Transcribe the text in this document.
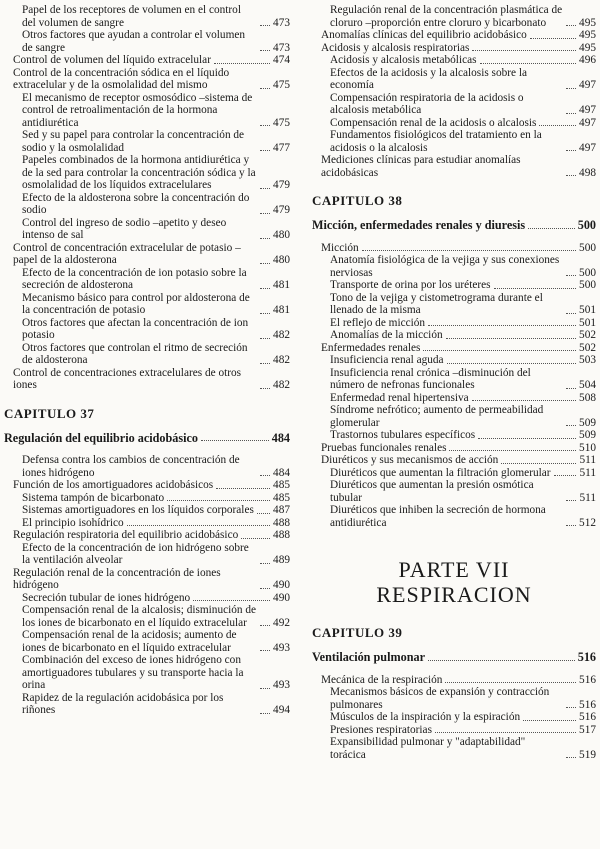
Papel de los receptores de volumen en el control del volumen de sangre	473
Otros factores que ayudan a controlar el volumen de sangre	473
Control de volumen del líquido extracelular	474
Control de la concentración sódica en el líquido extracelular y de la osmolalidad del mismo	475
El mecanismo de receptor osmosódico –sistema de control de retroalimentación de la hormona antidiurética	475
Sed y su papel para controlar la concentración de sodio y la osmolalidad	477
Papeles combinados de la hormona antidiurética y de la sed para controlar la concentración sódica y la osmolalidad de los líquidos extracelulares	479
Efecto de la aldosterona sobre la concentración do sodio	479
Control del ingreso de sodio –apetito y deseo intenso de sal	480
Control de concentración extracelular de potasio –papel de la aldosterona	480
Efecto de la concentración de ion potasio sobre la secreción de aldosterona	481
Mecanismo básico para control por aldosterona de la concentración de potasio	481
Otros factores que afectan la concentración de ion potasio	482
Otros factores que controlan el ritmo de secreción de aldosterona	482
Control de concentraciones extracelulares de otros iones	482
CAPITULO 37
Regulación del equilibrio acidobásico	484
Defensa contra los cambios de concentración de iones hidrógeno	484
Función de los amortiguadores acidobásicos	485
Sistema tampón de bicarbonato	485
Sistemas amortiguadores en los líquidos corporales 487
El principio isohídrico	488
Regulación respiratoria del equilibrio acidobásico	488
Efecto de la concentración de ion hidrógeno sobre la ventilación alveolar	489
Regulación renal de la concentración de iones hidrógeno	490
Secreción tubular de iones hidrógeno	490
Compensación renal de la alcalosis; disminución de los iones de bicarbonato en el líquido extracelular	492
Compensación renal de la acidosis; aumento de iones de bicarbonato en el líquido extracelular	493
Combinación del exceso de iones hidrógeno con amortiguadores tubulares y su transporte hacia la orina	493
Rapidez de la regulación acidobásica por los riñones	494
Regulación renal de la concentración plasmática de cloruro –proporción entre cloruro y bicarbonato	495
Anomalías clínicas del equilibrio acidobásico	495
Acidosis y alcalosis respiratorias	495
Acidosis y alcalosis metabólicas	496
Efectos de la acidosis y la alcalosis sobre la economía	497
Compensación respiratoria de la acidosis o alcalosis metabólica	497
Compensación renal de la acidosis o alcalosis	497
Fundamentos fisiológicos del tratamiento en la acidosis o la alcalosis	497
Mediciones clínicas para estudiar anomalías acidobásicas	498
CAPITULO 38
Micción, enfermedades renales y diuresis	500
Micción	500
Anatomía fisiológica de la vejiga y sus conexiones nerviosas	500
Transporte de orina por los uréteres	500
Tono de la vejiga y cistometrograma durante el llenado de la misma	501
El reflejo de micción	501
Anomalías de la micción	502
Enfermedades renales	502
Insuficiencia renal aguda	503
Insuficiencia renal crónica –disminución del número de nefronas funcionales	504
Enfermedad renal hipertensiva	508
Síndrome nefrótico; aumento de permeabilidad glomerular	509
Trastornos tubulares específicos	509
Pruebas funcionales renales	510
Diuréticos y sus mecanismos de acción	511
Diuréticos que aumentan la filtración glomerular	511
Diuréticos que aumentan la presión osmótica tubular	511
Diuréticos que inhiben la secreción de hormona antidiurética	512
PARTE VII
RESPIRACION
CAPITULO 39
Ventilación pulmonar	516
Mecánica de la respiración	516
Mecanismos básicos de expansión y contracción pulmonares	516
Músculos de la inspiración y la espiración	516
Presiones respiratorias	517
Expansibilidad pulmonar y "adaptabilidad" torácica	519
